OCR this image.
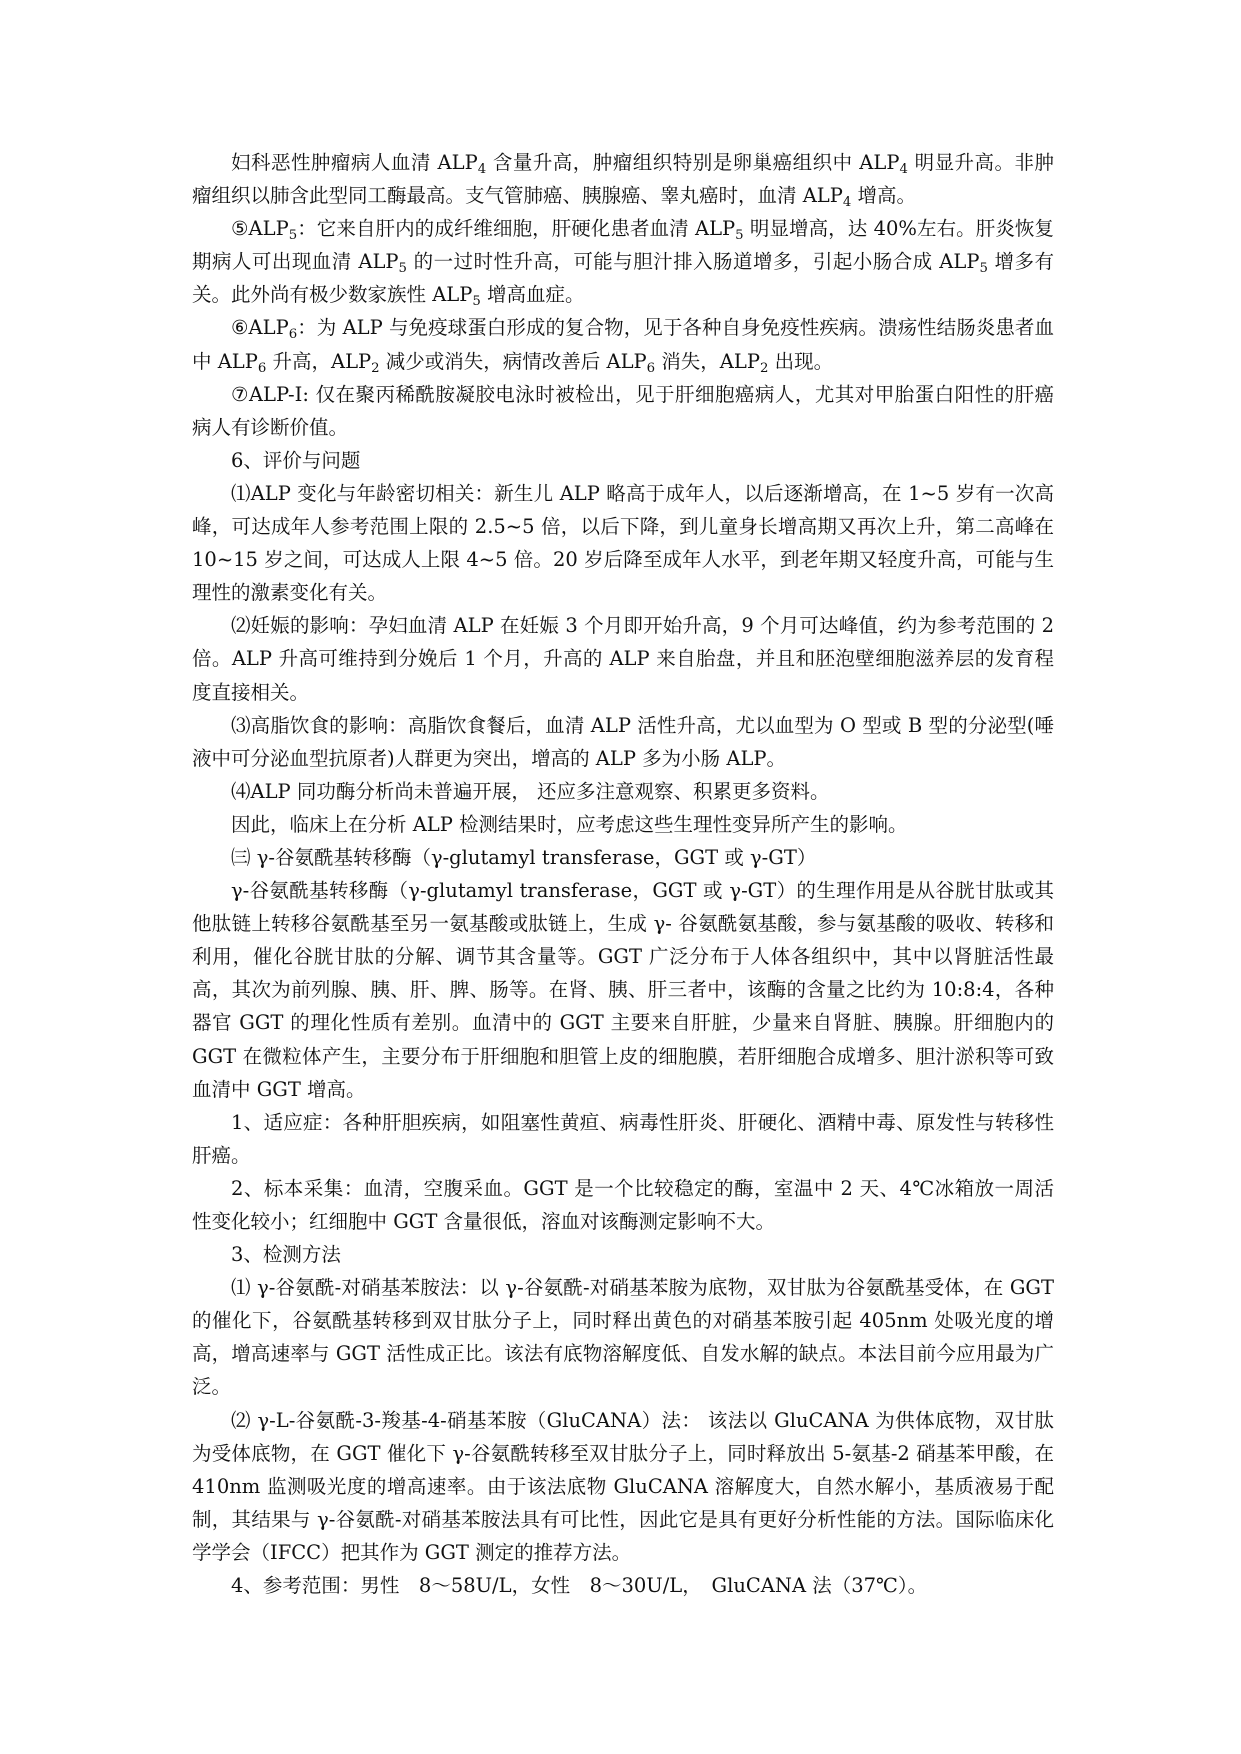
妇科恶性肿瘤病人血清 $ALP_4$ 含量升高，肿瘤组织特别是卵巢癌组织中 $ALP_4$ 明显升高。非肿瘤组织以肺含此型同工酶最高。支气管肺癌、胰腺癌、睾丸癌时，血清 $ALP_4$ 增高。

$⑤ALP_5$：它来自肝内的成纤维细胞，肝硬化患者血清 $ALP_5$ 明显增高，达 40%左右。肝炎恢复期病人可出现血清 $ALP_5$ 的一过时性升高，可能与胆汁排入肠道增多，引起小肠合成 $ALP_5$ 增多有关。此外尚有极少数家族性 $ALP_5$ 增高血症。

$⑥ALP_6$：为 ALP 与免疫球蛋白形成的复合物，见于各种自身免疫性疾病。溃疡性结肠炎患者血中 $ALP_6$ 升高，$ALP_2$ 减少或消失，病情改善后 $ALP_6$ 消失，$ALP_2$ 出现。

⑦ALP-I: 仅在聚丙稀酰胺凝胶电泳时被检出，见于肝细胞癌病人，尤其对甲胎蛋白阳性的肝癌病人有诊断价值。

6、评价与问题

⑴ALP 变化与年龄密切相关：新生儿 ALP 略高于成年人，以后逐渐增高，在 1~5 岁有一次高峰，可达成年人参考范围上限的 2.5~5 倍，以后下降，到儿童身长增高期又再次上升，第二高峰在 10~15 岁之间，可达成人上限 4~5 倍。20 岁后降至成年人水平，到老年期又轻度升高，可能与生理性的激素变化有关。

⑵妊娠的影响：孕妇血清 ALP 在妊娠 3 个月即开始升高，9 个月可达峰值，约为参考范围的 2 倍。ALP 升高可维持到分娩后 1 个月，升高的 ALP 来自胎盘，并且和胚泡壁细胞滋养层的发育程度直接相关。

⑶高脂饮食的影响：高脂饮食餐后，血清 ALP 活性升高，尤以血型为 O 型或 B 型的分泌型(唾液中可分泌血型抗原者)人群更为突出，增高的 ALP 多为小肠 ALP。

⑷ALP 同功酶分析尚未普遍开展， 还应多注意观察、积累更多资料。

因此，临床上在分析 ALP 检测结果时，应考虑这些生理性变异所产生的影响。

㈢ γ-谷氨酰基转移酶（γ-glutamyl transferase，GGT 或 γ-GT）

γ-谷氨酰基转移酶（γ-glutamyl transferase，GGT 或 γ-GT）的生理作用是从谷胱甘肽或其他肽链上转移谷氨酰基至另一氨基酸或肽链上，生成 γ- 谷氨酰氨基酸，参与氨基酸的吸收、转移和利用，催化谷胱甘肽的分解、调节其含量等。GGT 广泛分布于人体各组织中，其中以肾脏活性最高，其次为前列腺、胰、肝、脾、肠等。在肾、胰、肝三者中，该酶的含量之比约为 10:8:4，各种器官 GGT 的理化性质有差别。血清中的 GGT 主要来自肝脏，少量来自肾脏、胰腺。肝细胞内的 GGT 在微粒体产生，主要分布于肝细胞和胆管上皮的细胞膜，若肝细胞合成增多、胆汁淤积等可致血清中 GGT 增高。

1、适应症：各种肝胆疾病，如阻塞性黄疸、病毒性肝炎、肝硬化、酒精中毒、原发性与转移性肝癌。

2、标本采集：血清，空腹采血。GGT 是一个比较稳定的酶，室温中 2 天、4℃冰箱放一周活性变化较小；红细胞中 GGT 含量很低，溶血对该酶测定影响不大。

3、检测方法

⑴ γ-谷氨酰-对硝基苯胺法：以 γ-谷氨酰-对硝基苯胺为底物，双甘肽为谷氨酰基受体，在 GGT 的催化下，谷氨酰基转移到双甘肽分子上，同时释出黄色的对硝基苯胺引起 405nm 处吸光度的增高，增高速率与 GGT 活性成正比。该法有底物溶解度低、自发水解的缺点。本法目前今应用最为广泛。

⑵ γ-L-谷氨酰-3-羧基-4-硝基苯胺（GluCANA）法： 该法以 GluCANA 为供体底物，双甘肽为受体底物，在 GGT 催化下 γ-谷氨酰转移至双甘肽分子上，同时释放出 5-氨基-2 硝基苯甲酸，在 410nm 监测吸光度的增高速率。由于该法底物 GluCANA 溶解度大，自然水解小，基质液易于配制，其结果与 γ-谷氨酰-对硝基苯胺法具有可比性，因此它是具有更好分析性能的方法。国际临床化学学会（IFCC）把其作为 GGT 测定的推荐方法。

4、参考范围：男性　8～58U/L，女性　8～30U/L，　GluCANA 法（37℃）。
